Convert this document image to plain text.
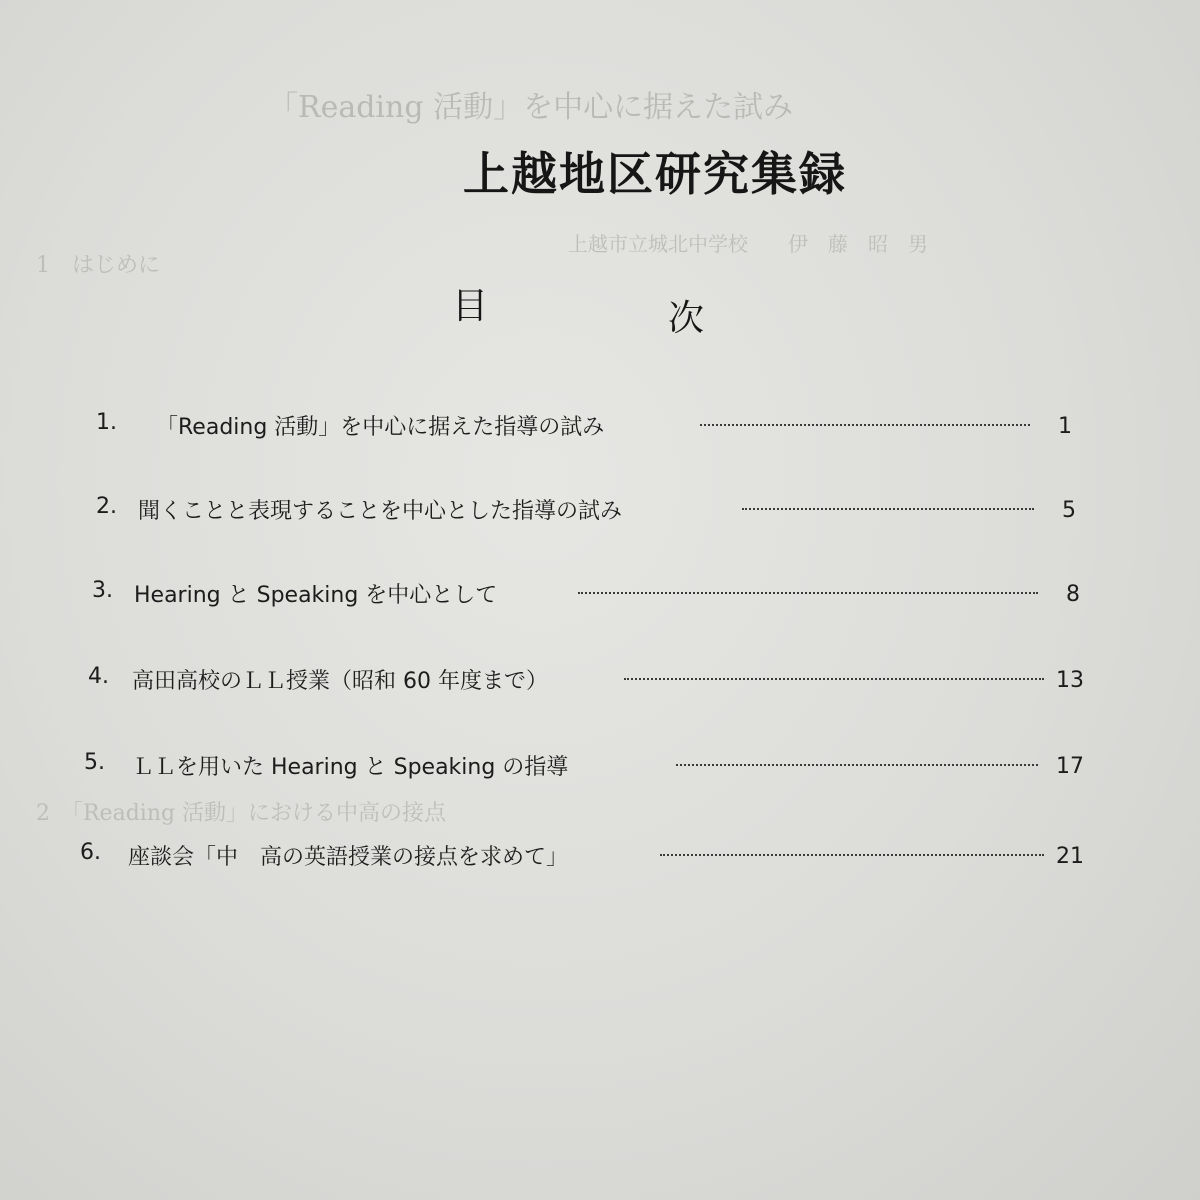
「Reading 活動」を中心に据えた試み
上越市立城北中学校　　伊　藤　昭　男
1　はじめに
2　「Reading 活動」における中高の接点
上越地区研究集録
目	次
1. 「Reading 活動」を中心に据えた指導の試み	1
2. 聞くことと表現することを中心とした指導の試み	5
3. Hearing と Speaking を中心として	8
4. 高田高校のＬＬ授業（昭和 60 年度まで）	13
5. ＬＬを用いた Hearing と Speaking の指導	17
6. 座談会「中　高の英語授業の接点を求めて」	21
